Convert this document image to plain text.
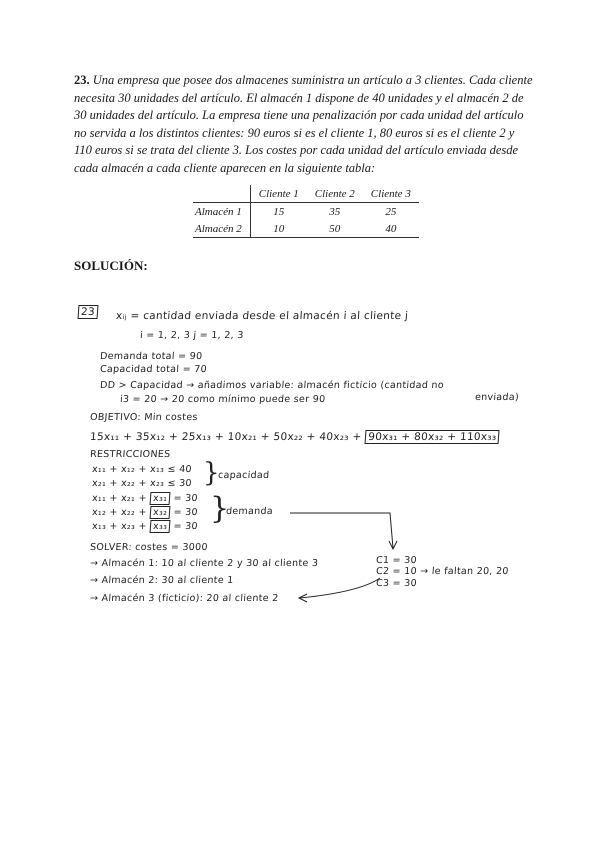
23. Una empresa que posee dos almacenes suministra un artículo a 3 clientes. Cada cliente necesita 30 unidades del artículo. El almacén 1 dispone de 40 unidades y el almacén 2 de 30 unidades del artículo. La empresa tiene una penalización por cada unidad del artículo no servida a los distintos clientes: 90 euros si es el cliente 1, 80 euros si es el cliente 2 y 110 euros si se trata del cliente 3. Los costes por cada unidad del artículo enviada desde cada almacén a cada cliente aparecen en la siguiente tabla:
	Cliente 1	Cliente 2	Cliente 3
Almacén 1	15	35	25
Almacén 2	10	50	40
SOLUCIÓN:
23 xᵢⱼ = cantidad enviada desde el almacén i al cliente j
i = 1, 2, 3 j = 1, 2, 3
Demanda total = 90
Capacidad total = 70
DD > Capacidad → añadimos variable: almacén ficticio (cantidad no
enviada)
i3 = 20 → 20 como mínimo puede ser 90
OBJETIVO: Min costes
15x₁₁ + 35x₁₂ + 25x₁₃ + 10x₂₁ + 50x₂₂ + 40x₂₃ + 90x₃₁ + 80x₃₂ + 110x₃₃
RESTRICCIONES
x₁₁ + x₁₂ + x₁₃ ≤ 40
x₂₁ + x₂₂ + x₂₃ ≤ 30 }
capacidad
x₁₁ + x₂₁ + x₃₁ = 30
x₁₂ + x₂₂ + x₃₂ = 30
x₁₃ + x₂₃ + x₃₃ = 30
}
demanda
SOLVER: costes = 3000
→ Almacén 1: 10 al cliente 2 y 30 al cliente 3
→ Almacén 2: 30 al cliente 1
→ Almacén 3 (ficticio): 20 al cliente 2
C1 = 30
C2 = 10 → le faltan 20, 20
C3 = 30
